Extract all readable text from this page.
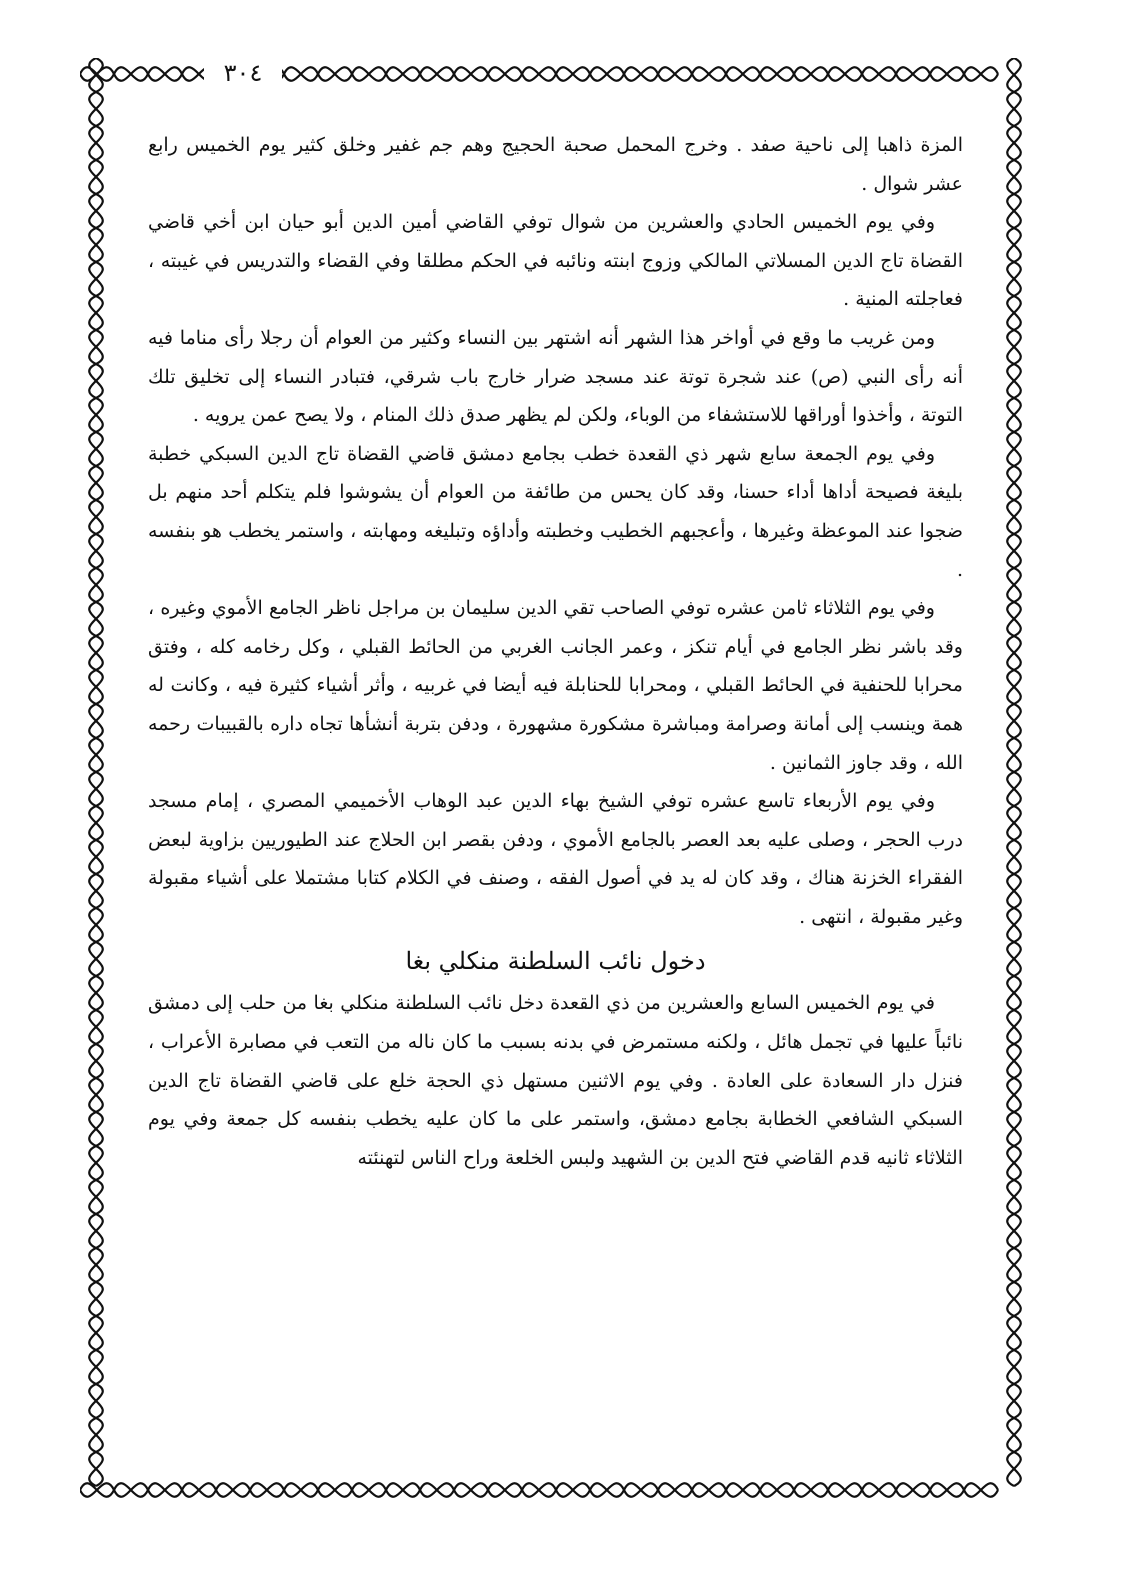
٣٠٤

المزة ذاهبا إلى ناحية صفد . وخرج المحمل صحبة الحجيج وهم جم غفير وخلق كثير يوم الخميس رابع عشر شوال .

وفي يوم الخميس الحادي والعشرين من شوال توفي القاضي أمين الدين أبو حيان ابن أخي قاضي القضاة تاج الدين المسلاتي المالكي وزوج ابنته ونائبه في الحكم مطلقا وفي القضاء والتدريس في غيبته ، فعاجلته المنية .

ومن غريب ما وقع في أواخر هذا الشهر أنه اشتهر بين النساء وكثير من العوام أن رجلا رأى مناما فيه أنه رأى النبي (ص) عند شجرة توتة عند مسجد ضرار خارج باب شرقي، فتبادر النساء إلى تخليق تلك التوتة ، وأخذوا أوراقها للاستشفاء من الوباء، ولكن لم يظهر صدق ذلك المنام ، ولا يصح عمن يرويه .

وفي يوم الجمعة سابع شهر ذي القعدة خطب بجامع دمشق قاضي القضاة تاج الدين السبكي خطبة بليغة فصيحة أداها أداء حسنا، وقد كان يحس من طائفة من العوام أن يشوشوا فلم يتكلم أحد منهم بل ضجوا عند الموعظة وغيرها ، وأعجبهم الخطيب وخطبته وأداؤه وتبليغه ومهابته ، واستمر يخطب هو بنفسه .

وفي يوم الثلاثاء ثامن عشره توفي الصاحب تقي الدين سليمان بن مراجل ناظر الجامع الأموي وغيره ، وقد باشر نظر الجامع في أيام تنكز ، وعمر الجانب الغربي من الحائط القبلي ، وكل رخامه كله ، وفتق محرابا للحنفية في الحائط القبلي ، ومحرابا للحنابلة فيه أيضا في غربيه ، وأثر أشياء كثيرة فيه ، وكانت له همة وينسب إلى أمانة وصرامة ومباشرة مشكورة مشهورة ، ودفن بتربة أنشأها تجاه داره بالقبيبات رحمه الله ، وقد جاوز الثمانين .

وفي يوم الأربعاء تاسع عشره توفي الشيخ بهاء الدين عبد الوهاب الأخميمي المصري ، إمام مسجد درب الحجر ، وصلى عليه بعد العصر بالجامع الأموي ، ودفن بقصر ابن الحلاج عند الطيوريين بزاوية لبعض الفقراء الخزنة هناك ، وقد كان له يد في أصول الفقه ، وصنف في الكلام كتابا مشتملا على أشياء مقبولة وغير مقبولة ، انتهى .

دخول نائب السلطنة منكلي بغا

في يوم الخميس السابع والعشرين من ذي القعدة دخل نائب السلطنة منكلي بغا من حلب إلى دمشق نائباً عليها في تجمل هائل ، ولكنه مستمرض في بدنه بسبب ما كان ناله من التعب في مصابرة الأعراب ، فنزل دار السعادة على العادة . وفي يوم الاثنين مستهل ذي الحجة خلع على قاضي القضاة تاج الدين السبكي الشافعي الخطابة بجامع دمشق، واستمر على ما كان عليه يخطب بنفسه كل جمعة وفي يوم الثلاثاء ثانيه قدم القاضي فتح الدين بن الشهيد ولبس الخلعة وراح الناس لتهنئته
